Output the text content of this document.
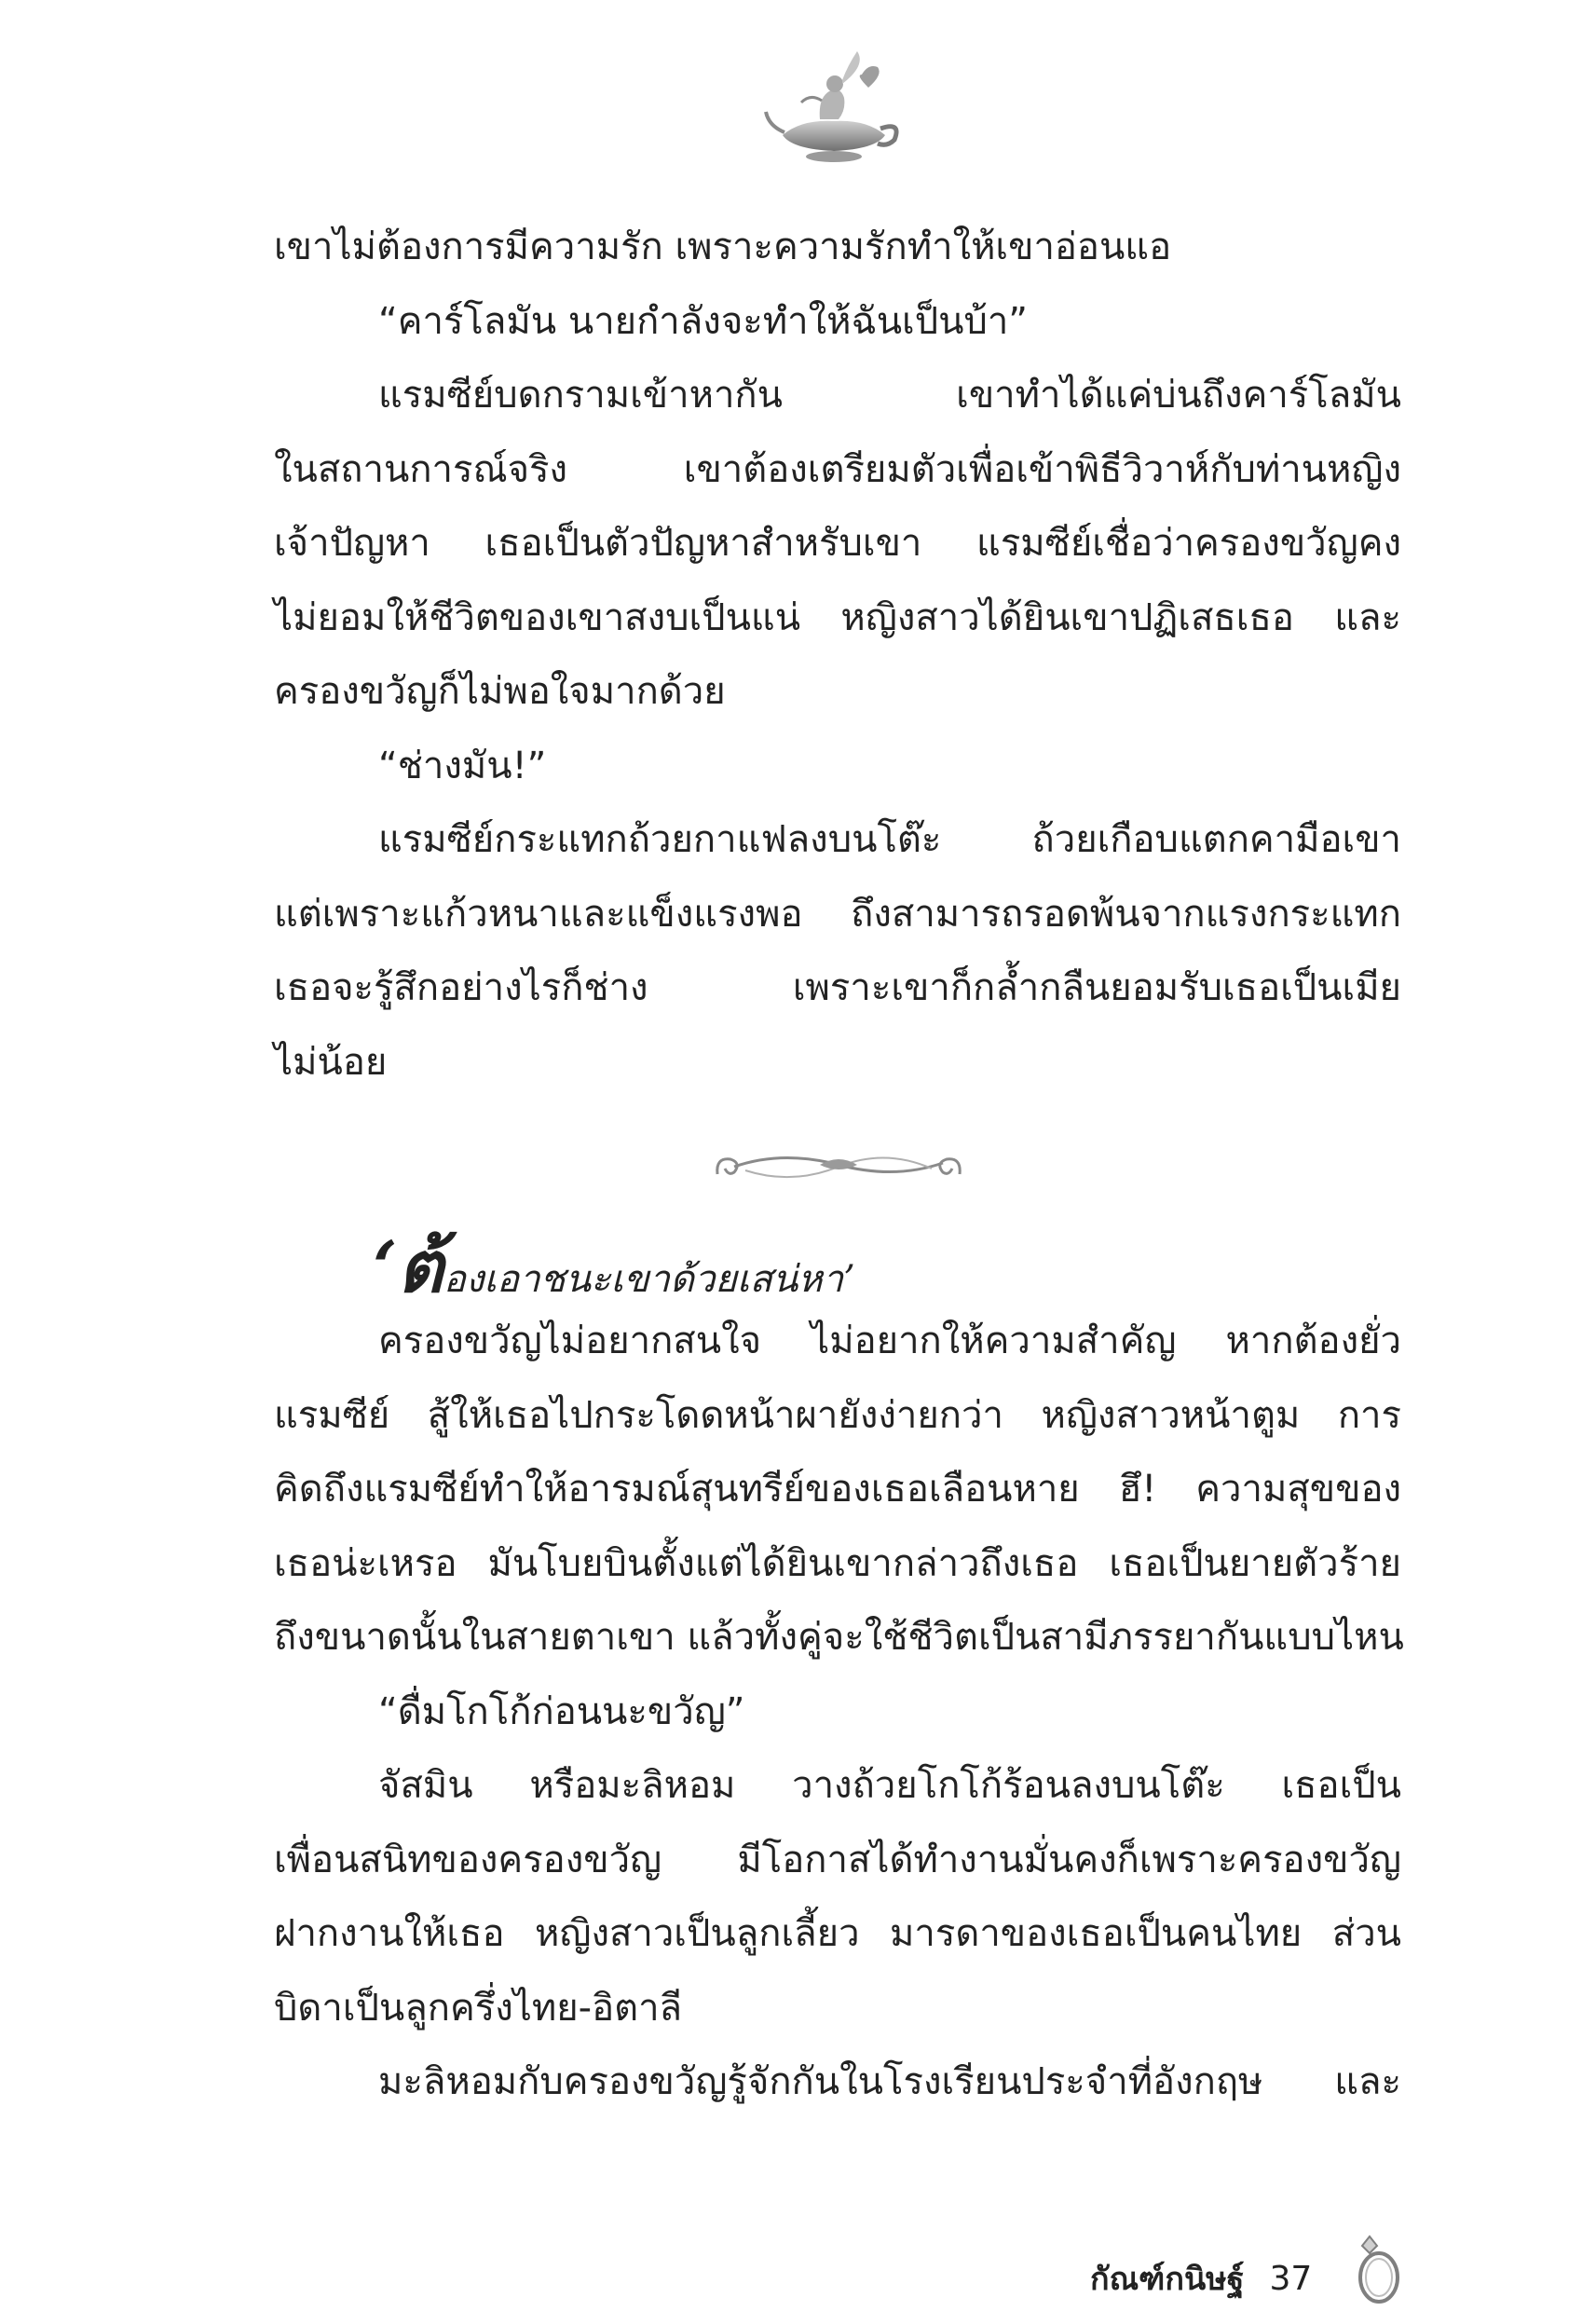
เขาไม่ต้องการมีความรัก เพราะความรักทำให้เขาอ่อนแอ
“คาร์โลมัน นายกำลังจะทำให้ฉันเป็นบ้า”
แรมซีย์บดกรามเข้าหากัน เขาทำได้แค่บ่นถึงคาร์โลมัน
ในสถานการณ์จริง เขาต้องเตรียมตัวเพื่อเข้าพิธีวิวาห์กับท่านหญิง
เจ้าปัญหา เธอเป็นตัวปัญหาสำหรับเขา แรมซีย์เชื่อว่าครองขวัญคง
ไม่ยอมให้ชีวิตของเขาสงบเป็นแน่ หญิงสาวได้ยินเขาปฏิเสธเธอ และ
ครองขวัญก็ไม่พอใจมากด้วย
“ช่างมัน!”
แรมซีย์กระแทกถ้วยกาแฟลงบนโต๊ะ ถ้วยเกือบแตกคามือเขา
แต่เพราะแก้วหนาและแข็งแรงพอ ถึงสามารถรอดพ้นจากแรงกระแทก
เธอจะรู้สึกอย่างไรก็ช่าง เพราะเขาก็กล้ำกลืนยอมรับเธอเป็นเมีย
ไม่น้อย
‘ต้องเอาชนะเขาด้วยเสน่หา’
ครองขวัญไม่อยากสนใจ ไม่อยากให้ความสำคัญ หากต้องยั่ว
แรมซีย์ สู้ให้เธอไปกระโดดหน้าผายังง่ายกว่า หญิงสาวหน้าตูม การ
คิดถึงแรมซีย์ทำให้อารมณ์สุนทรีย์ของเธอเลือนหาย ฮึ! ความสุขของ
เธอน่ะเหรอ มันโบยบินตั้งแต่ได้ยินเขากล่าวถึงเธอ เธอเป็นยายตัวร้าย
ถึงขนาดนั้นในสายตาเขา แล้วทั้งคู่จะใช้ชีวิตเป็นสามีภรรยากันแบบไหน
“ดื่มโกโก้ก่อนนะขวัญ”
จัสมิน หรือมะลิหอม วางถ้วยโกโก้ร้อนลงบนโต๊ะ เธอเป็น
เพื่อนสนิทของครองขวัญ มีโอกาสได้ทำงานมั่นคงก็เพราะครองขวัญ
ฝากงานให้เธอ หญิงสาวเป็นลูกเลี้ยว มารดาของเธอเป็นคนไทย ส่วน
บิดาเป็นลูกครึ่งไทย-อิตาลี
มะลิหอมกับครองขวัญรู้จักกันในโรงเรียนประจำที่อังกฤษ และ
กัณฑ์กนิษฐ์ 37
